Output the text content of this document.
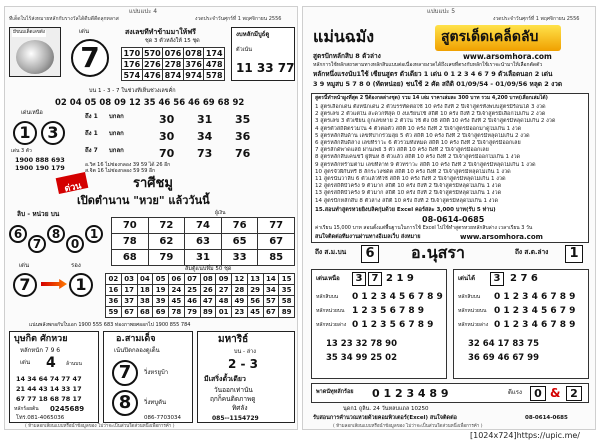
แปบแปะ 4
ทีเด็ดใบไร้ส่งหมายหลักกับรางวัลได้ดีบดีดีดลุกทลาส	งวดประจำวันศุกร์ที่ 1 พฤศจิกายน 2556
มีขนมเด็ดเลขดัง	เด่น
7
สงเลขทีทำข้ามมาให้ฟรี
ชุด 3 ตัวหลังให้ 15 ชุด
170	570	076	078	174
176	276	278	376	478
574	476	874	974	578
งบหลักมีบูธ์ดู
ตัวเน้น
11 33 77
บน 1 - 3 - 7 ในช่วงทีเห็นช่วงเลขคั่ก
02 04 05 08 09 12 35 46 56 46 69 68 92
เด่นเหนือ
1	3
เด่น 3 ตัว
1900 888 693
1900 190 179
ถึง 1 บกลก	30 31 35
ถึง 1 บกลก	30 34 36
ถึง 7 บกลก	70 73 76
อ.วิศ 16 ไม่ช่องกลอง 39 59 ได้ 26 อีก
ส.จิต 16 ไม่ช่องกลอง 59 59 อีก
ด่วน	ราศีชมู
เปิดตำนาน "หวย" แล้ววันนี้
ผู้เงิน
ลิบ - หน่วย บน
6
7
8
0
1
70	72	74	76	77
78	62	63	65	67
68	79	31	33	85
ส้มตู้แนบพึ่ม 50 ชุด
เด่น	รอง
7	1	02	03	04	05	06	07	08	09	12	13	14	15
16	17	18	19	24	25	26	27	28	29	34	35
36	37	38	39	45	46	47	48	49	56	57	58
59	67	68	69	78	79	89	01	23	45	67	89
แน่นพลังพกอกับใบเอก 1900 555 683 ท่องภาพยศออกไป 1900 855 784
บุษกิต ศักหวย
หลักหนัก 7 9 6
เด่น 4 ล้านบน
14 34 64 74 77 47
21 44 43 14 33 17
67 77 18 68 78 17
หลักร้อยต้น 0245689
โทร.081-4065036
อ.สามเด็จ
เน้นปิดกลองดูเด็น
7	วิ่งหรยูบ้า
8	วิ่งทบูตัน
086-7703034
มหาริธ์
บน - ล่าง
2 - 3
มีเสริ่งตั้วเดียว
วันออกเท่านัน
ฤกก็คนติดภาพดู
ทิศลัง
085--1154729
( ห้ามลอกเลียนแบบหรือนำข้อมูลของ ไม่ว่าจะเป็นส่วนใดส่วนหนึ่งเพื่อการค้า )
แปบแปะ 5
งวดประจำวันศุกร์ที่ 1 พฤศจิกายน 2556
แม่นฉมัง	สูตรเด็ดเคล็ดลับ
สูตรปักหลักสิบ 8 ตัวล่าง	www.arsomhora.com
หลักการใช้หลักสถรตามทางหลักสิบแบบต่อเนื่องหลายงวดได้ถึงเลขที่ตรงกับหลักใช้เราจะนำมาให้เลือกตัดตัว
หลักหนึ่งแรงนับ1ใช้ เซียนสูตร ตัวเดียว 1 เด่น 0 1 2 3 4 6 7 9 ตัวเลือดนอก 2 เด่น
3 9 หมูสบ 5 7 8 0 (ทัดหน่อย) ชนใช้ 2 ศัด สถิติ 01/09/54 - 01/09/56 หลุด 2 งวด
สูตรนี้ทำหน้าผูงที่สุด 2 ปีต้องกลล่างชุด) รวม 14 เล่ม ราคาเล่มละ 300 บาท รวม 4,200 บาท(เลือกเล่มได้)
1 สูตรเลือกเด่น ตั้งหนักเด่น 2 ตัวบรรทัดต่อใช้ 10 ครั้ง ถึงที่ 2 ปีเจ้าสูตรทั้งพบบสูตรมีร้อนได้ 3 งวด
2 สูตรเลข 2 ตัวแต่ใน สะดวกที่สุด 0 งบเรียนใช้ สถิติ 10 ครั้ง ถึงที่ 2 ปีเจ้าสูตรมีเลือกไม่เกิน 2 งวด
3 สูตรเลข 3 ตัวเซียน ถูกเลขหาย 2 ตัวใน ใช้ ตั้ง 08 สถิติ 10 ครั้ง ถึงที่ 2 ปีเจ้าสูตรมีหลุดไม่เกิน 2 งวด
4 สูตรตัวสถิดิตรวมใน 4 ตัวต่อตัว สถิติ 10 ครั้ง ถึงที่ 2 ปีเจ้าสูตรมีออกมาดูไม่เกิน 1 งวด
5 สูตรหลักสิบด้าน เลขที่ปากร่วมลุ่ย 5 ตัว สถิติ 10 ครั้ง ถึงที่ 2 ปีเจ้าสูตรมีหลุดไม่เกิน 2 งวด
6 สูตรหลักสิบดีล่าง เลขที่ราวะ 6 ตัวรวมทั้งหมด สถิติ 10 ครั้ง ถึงที่ 2 ปีเจ้าสูตรมีออกเลย
7 สูตรลักด์พาดแล่ย์ ผ่านเพย์ 3 ตัว สถิติ 10 ครั้ง ถึงที่ 2 ปีเจ้าสูตรมีออกเลย
8 สูตรหลักสิบเคนชวี ผู่หิ่นห 8 ตัวแล้ว สถิติ 10 ครั้ง ถึงที่ 2 ปีเจ้าสูตรมีออกไม่เกิน 1 งวด
9 สูตรหลักทรำมต่าม เลขที่ลาท 9 ตัวทราวะ สถิติ 10 ครั้ง ถึงที่ 2 ปีเจ้าสูตรมีหลุดไม่เกิน 1 งวด
10 สูตรจั่วฝีกันทรี 8 ลักระวงซด้ต สถิติ 10 ครั้ง ถึงที่ 2 ปีเจ้าสูตรมีหลุดไม่เกิน 1 งวด
11 สูตรนั่นวาลีบ 6 ตัวแล้วที่ใช้ สถิติ 10 ครั้ง ถึงที่ 2 ปีเจ้าสูตรมีหลุดไม่เกิน 1 งวด
12 สูตรสถิติบัวครั้ง 9 ตัวมาก สถิติ 10 ครั้ง ถึงที่ 2 ปีเจ้าสูตรมีหลุดไม่เกิน 1 งวด
13 สูตรสถิติบัวครั้ง 9 ตัวมาก สถิติ 10 ครั้ง ถึงที่ 2 ปีเจ้าสูตรมีหลุดไม่เกิน 1 งวด
14 สูตรปักหลักสิบ 8 ตัวล่าง สถิติ 10 ครั้ง ถึงที่ 2 ปีเจ้าสูตรมีหลุดไม่เกิน 1 งวด
15.สอนทำสูตรหวยยิงบลิคกุ่มด้วย Excel คอร์สละ 3,000 บาท(รับ 5 ท่าน)
08-0614-0685
ค่าเรียน 15,000 บาท สอนตั้งแต่พื้นฐานในการใช้ Excel ไปใช้ทำสูตรหวยหลักสิบล่าง เวลาเรียน 3 วัน
สนใจติดต่อทีมงานผ่านทางอีเมลเว็บ ส่งหมาย	www.arsomhora.com
ถึง ส.ม.บน	6 อ.นุสรา	ถึง ส.ต.ล่าง	1
เด่นเหนือ	3 7 2 1 9
หลักสิบบน 0 1 2 3 4 5 6 7 8 9
หลักหน่วยบน 1 2 3 5 6 7 8 9
หลักหน่วยล่าง 0 1 2 3 5 6 7 8 9
13 23 32 78 90
35 34 99 25 02
เด่นได้	3 2 7 6
หลักสิบบน 0 1 2 3 4 6 7 8 9
หลักหน่วยบน 0 1 2 3 4 5 6 7 9
หลักหน่วยล่าง 0 1 2 3 4 6 7 8 9
32 64 17 83 75
36 69 46 67 99
พาดนัทุหลักร้อย 0 1 2 3 4 8 9	ดีแรง	0 & 2
นุดก1 ถูลิน. 24 วันหลบแถล 10250
รับสอนการคำนวณหวยด้วยคอมพิวเตอร์(Excel) สนใจติดต่อ	08-0614-0685
( ห้ามลอกเลียนแบบหรือนำข้อมูลของ ไม่ว่าจะเป็นส่วนใดส่วนหนึ่งเพื่อการค้า )
[1024x724]https://upic.me/
